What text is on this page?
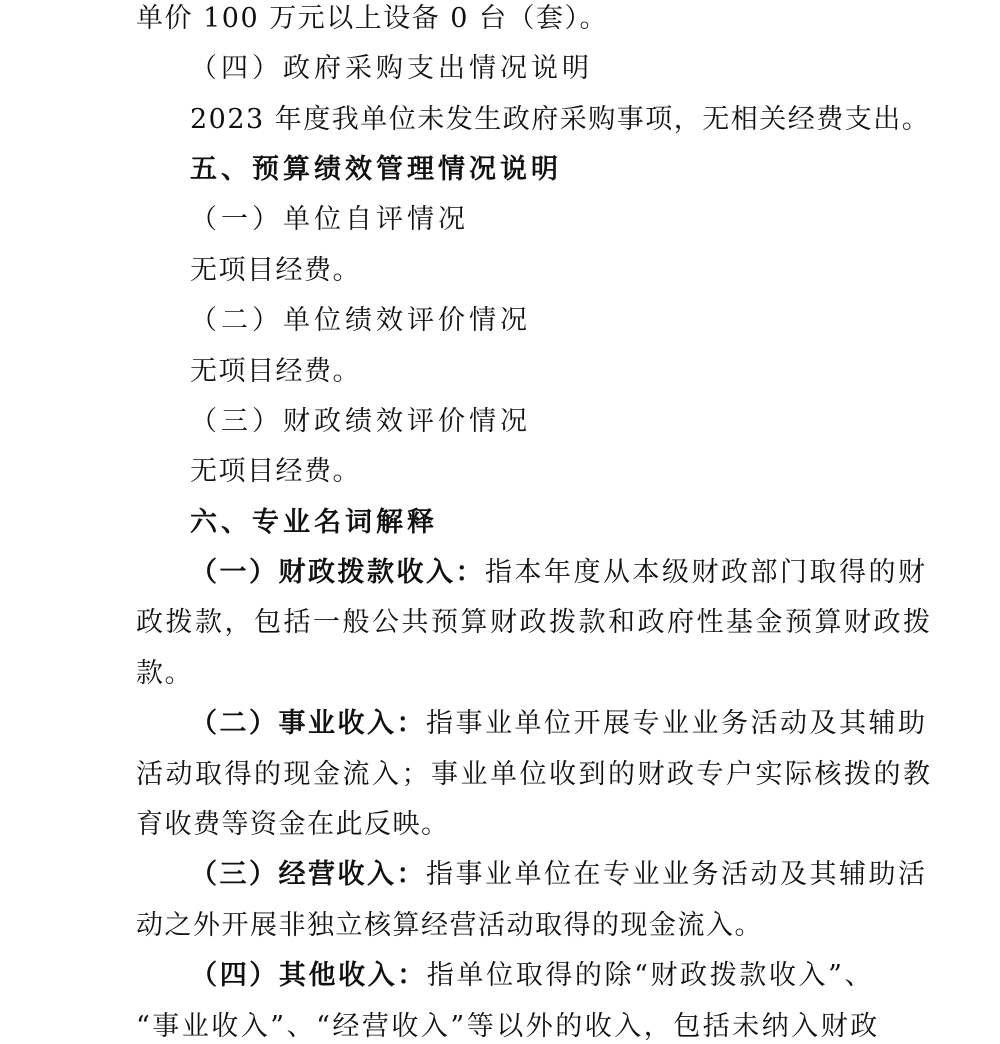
单价 100 万元以上设备 0 台（套）。
（四）政府采购支出情况说明
2023 年度我单位未发生政府采购事项，无相关经费支出。
五、预算绩效管理情况说明
（一）单位自评情况
无项目经费。
（二）单位绩效评价情况
无项目经费。
（三）财政绩效评价情况
无项目经费。
六、专业名词解释
（一）财政拨款收入：指本年度从本级财政部门取得的财
政拨款，包括一般公共预算财政拨款和政府性基金预算财政拨
款。
（二）事业收入：指事业单位开展专业业务活动及其辅助
活动取得的现金流入；事业单位收到的财政专户实际核拨的教
育收费等资金在此反映。
（三）经营收入：指事业单位在专业业务活动及其辅助活
动之外开展非独立核算经营活动取得的现金流入。
（四）其他收入：指单位取得的除“财政拨款收入”、
“事业收入”、“经营收入”等以外的收入，包括未纳入财政
